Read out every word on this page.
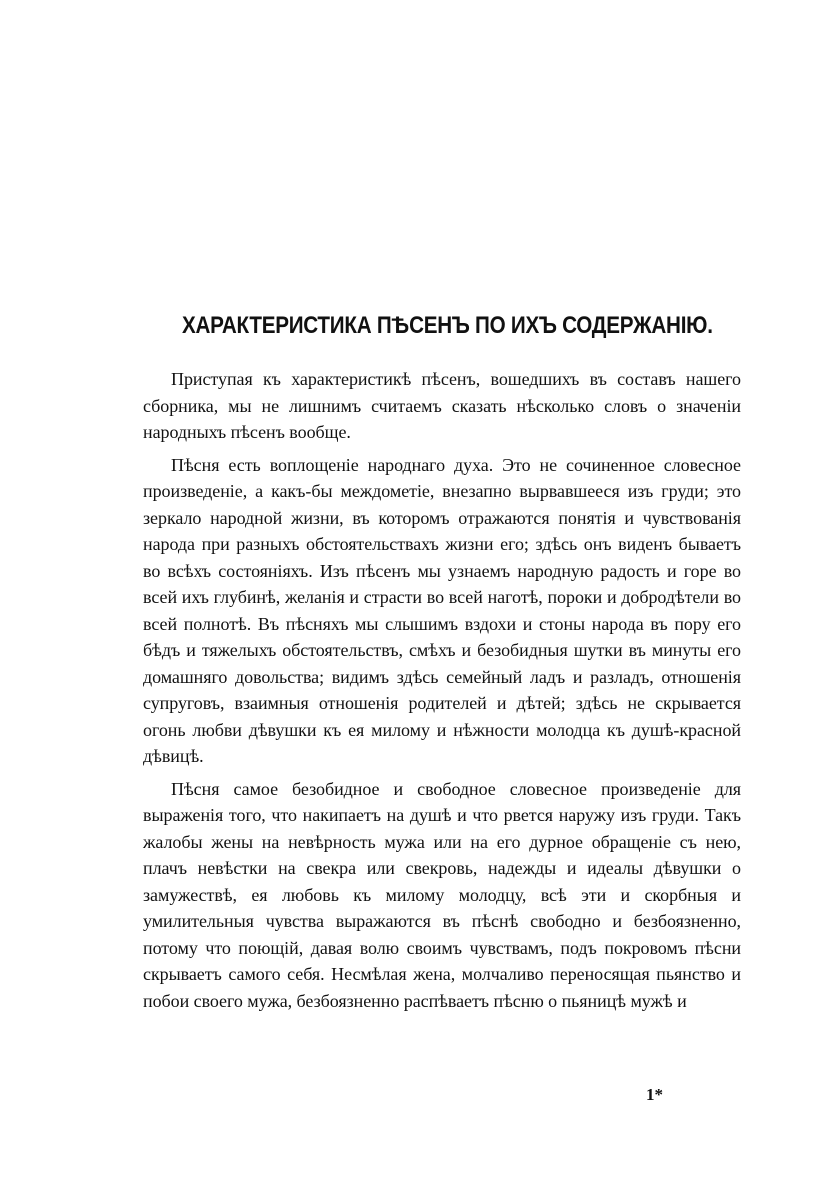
ХАРАКТЕРИСТИКА ПѢСЕНЪ ПО ИХЪ СОДЕРЖАНІЮ.

Приступая къ характеристикѣ пѣсенъ, вошедшихъ въ составъ нашего сборника, мы не лишнимъ считаемъ сказать нѣсколько словъ о значеніи народныхъ пѣсенъ вообще.

Пѣсня есть воплощеніе народнаго духа. Это не сочиненное словесное произведеніе, а какъ-бы междометіе, внезапно вырвавшееся изъ груди; это зеркало народной жизни, въ которомъ отражаются понятія и чувствованія народа при разныхъ обстоятельствахъ жизни его; здѣсь онъ виденъ бываетъ во всѣхъ состояніяхъ. Изъ пѣсенъ мы узнаемъ народную радость и горе во всей ихъ глубинѣ, желанія и страсти во всей наготѣ, пороки и добродѣтели во всей полнотѣ. Въ пѣсняхъ мы слышимъ вздохи и стоны народа въ пору его бѣдъ и тяжелыхъ обстоятельствъ, смѣхъ и безобидныя шутки въ минуты его домашняго довольства; видимъ здѣсь семейный ладъ и разладъ, отношенія супруговъ, взаимныя отношенія родителей и дѣтей; здѣсь не скрывается огонь любви дѣвушки къ ея милому и нѣжности молодца къ душѣ-красной дѣвицѣ.

Пѣсня самое безобидное и свободное словесное произведеніе для выраженія того, что накипаетъ на душѣ и что рвется наружу изъ груди. Такъ жалобы жены на невѣрность мужа или на его дурное обращеніе съ нею, плачъ невѣстки на свекра или свекровь, надежды и идеалы дѣвушки о замужествѣ, ея любовь къ милому молодцу, всѣ эти и скорбныя и умилительныя чувства выражаются въ пѣснѣ свободно и безбоязненно, потому что поющій, давая волю своимъ чувствамъ, подъ покровомъ пѣсни скрываетъ самого себя. Несмѣлая жена, молчаливо переносящая пьянство и побои своего мужа, безбоязненно распѣваетъ пѣсню о пьяницѣ мужѣ и

1*
